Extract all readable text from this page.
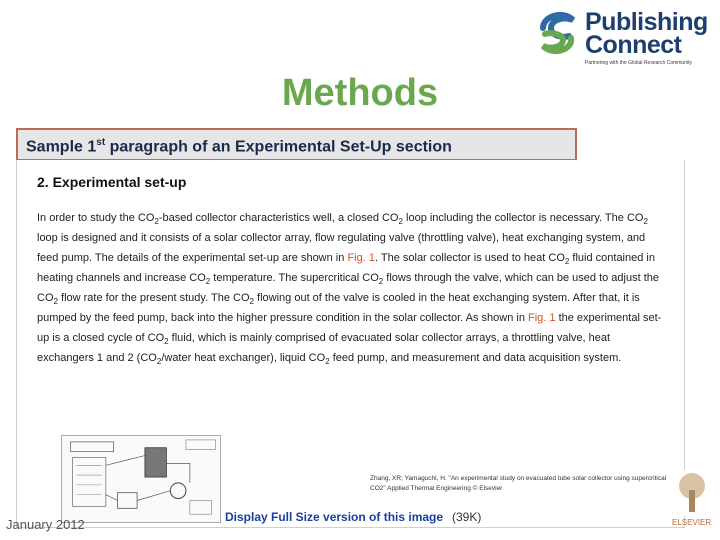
Publishing
Connect
Partnering with the Global Research Community
Methods
Sample 1st paragraph of an Experimental Set-Up section
2. Experimental set-up
In order to study the $CO_2$-based collector characteristics well, a closed $CO_2$ loop including the collector is necessary. The $CO_2$ loop is designed and it consists of a solar collector array, flow regulating valve (throttling valve), heat exchanging system, and feed pump. The details of the experimental set-up are shown in Fig. 1. The solar collector is used to heat $CO_2$ fluid contained in heating channels and increase $CO_2$ temperature. The supercritical $CO_2$ flows through the valve, which can be used to adjust the $CO_2$ flow rate for the present study. The $CO_2$ flowing out of the valve is cooled in the heat exchanging system. After that, it is pumped by the feed pump, back into the higher pressure condition in the solar collector. As shown in Fig. 1 the experimental set-up is a closed cycle of $CO_2$ fluid, which is mainly comprised of evacuated solar collector arrays, a throttling valve, heat exchangers 1 and 2 ($CO_2$/water heat exchanger), liquid $CO_2$ feed pump, and measurement and data acquisition system.
Zhang, XR; Yamaguchi, H. "An experimental study on evacuated tube solar collector using supercritical CO2" Applied Thermal Engineering © Elsevier
Display Full Size version of this image (39K)	ELSEVIER
January 2012
